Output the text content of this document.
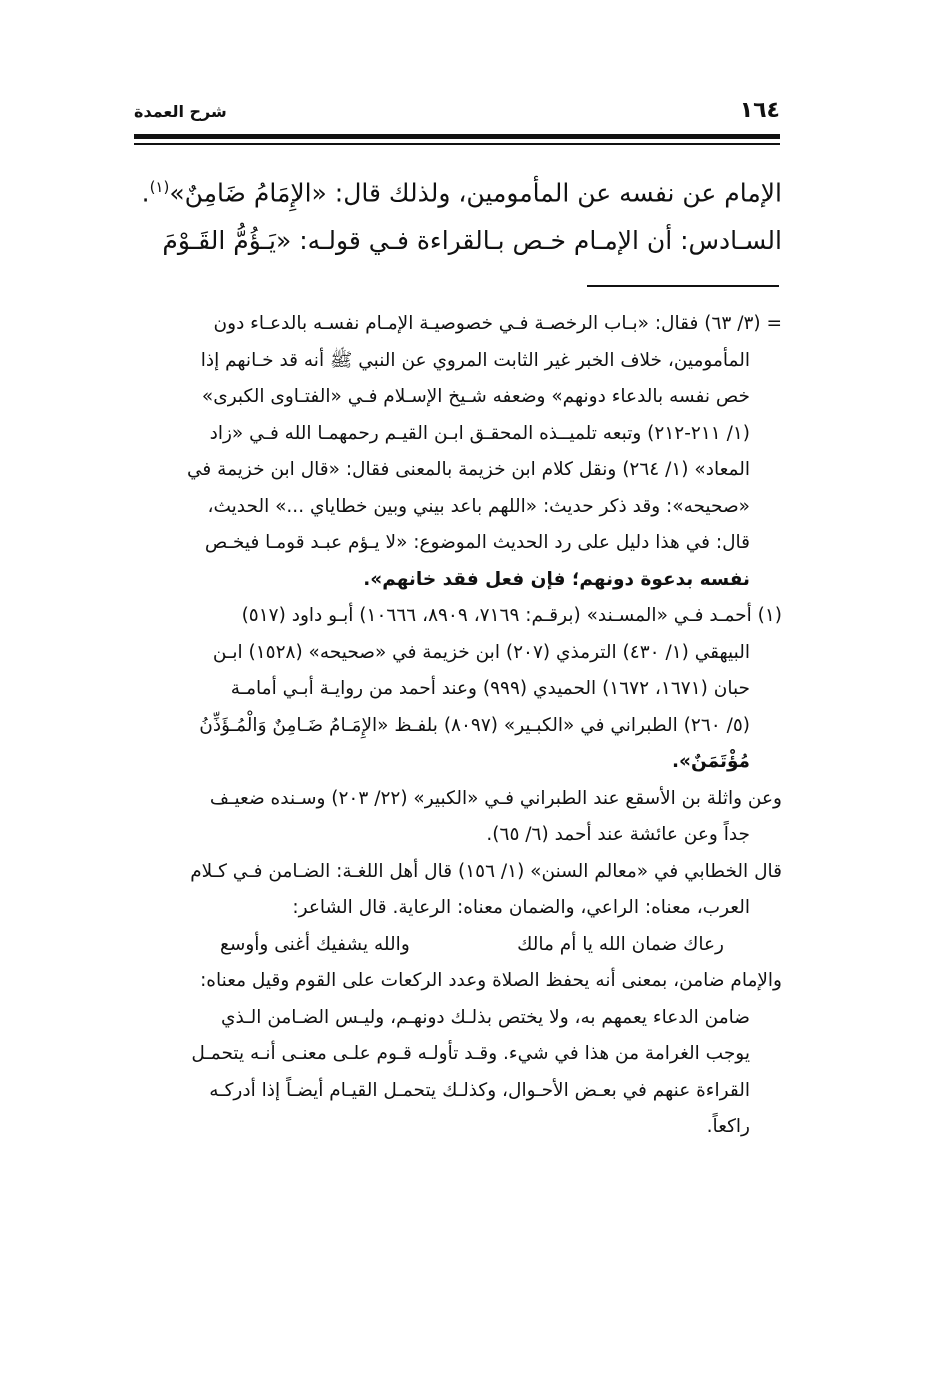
١٦٤
شرح العمدة
الإمام عن نفسه عن المأمومين، ولذلك قال: «الإِمَامُ ضَامِنٌ»$^{(١)}$.
السـادس: أن الإمـام خـص بـالقراءة فـي قولـه: «يَـؤُمُّ القَـوْمَ
= (٣/ ٦٣) فقال: «بـاب الرخصـة فـي خصوصيـة الإمـام نفسـه بالدعـاء دون
المأمومين، خلاف الخبر غير الثابت المروي عن النبي ﷺ أنه قد خـانهم إذا
خص نفسه بالدعاء دونهم» وضعفه شـيخ الإسـلام فـي «الفتـاوى الكبرى»
(١/ ٢١١-٢١٢) وتبعه تلميــذه المحقـق ابـن القيـم رحمهمـا الله فـي «زاد
المعاد» (١/ ٢٦٤) ونقل كلام ابن خزيمة بالمعنى فقال: «قال ابن خزيمة في
«صحيحه»: وقد ذكر حديث: «اللهم باعد بيني وبين خطاياي ...» الحديث،
قال: في هذا دليل على رد الحديث الموضوع: «لا يـؤم عبـد قومـا فيخـص
نفسه بدعوة دونهم؛ فإن فعل فقد خانهم».
(١) أحمـد فـي «المسـند» (برقـم: ٧١٦٩، ٨٩٠٩، ١٠٦٦٦) أبـو داود (٥١٧)
البيهقي (١/ ٤٣٠) الترمذي (٢٠٧) ابن خزيمة في «صحيحه» (١٥٢٨) ابـن
حبان (١٦٧١، ١٦٧٢) الحميدي (٩٩٩) وعند أحمد من روايـة أبـي أمامـة
(٥/ ٢٦٠) الطبراني في «الكبـير» (٨٠٩٧) بلفـظ «الإِمَـامُ ضَـامِنٌ وَالْمُـؤَذِّنُ
مُؤْتَمَنٌ».
وعن واثلة بن الأسقع عند الطبراني فـي «الكبير» (٢٢/ ٢٠٣) وسـنده ضعيـف
جداً وعن عائشة عند أحمد (٦/ ٦٥).
قال الخطابي في «معالم السنن» (١/ ١٥٦) قال أهل اللغـة: الضـامن فـي كـلام
العرب، معناه: الراعي، والضمان معناه: الرعاية. قال الشاعر:
رعاك ضمان الله يا أم مالك
والله يشفيك أغنى وأوسع
والإمام ضامن، بمعنى أنه يحفظ الصلاة وعدد الركعات على القوم وقيل معناه:
ضامن الدعاء يعمهم به، ولا يختص بذلـك دونهـم، وليـس الضـامن الـذي
يوجب الغرامة من هذا في شيء. وقـد تأولـه قـوم علـى معنـى أنـه يتحمـل
القراءة عنهم في بعـض الأحـوال، وكذلـك يتحمـل القيـام أيضـاً إذا أدركـه
راكعاً.
